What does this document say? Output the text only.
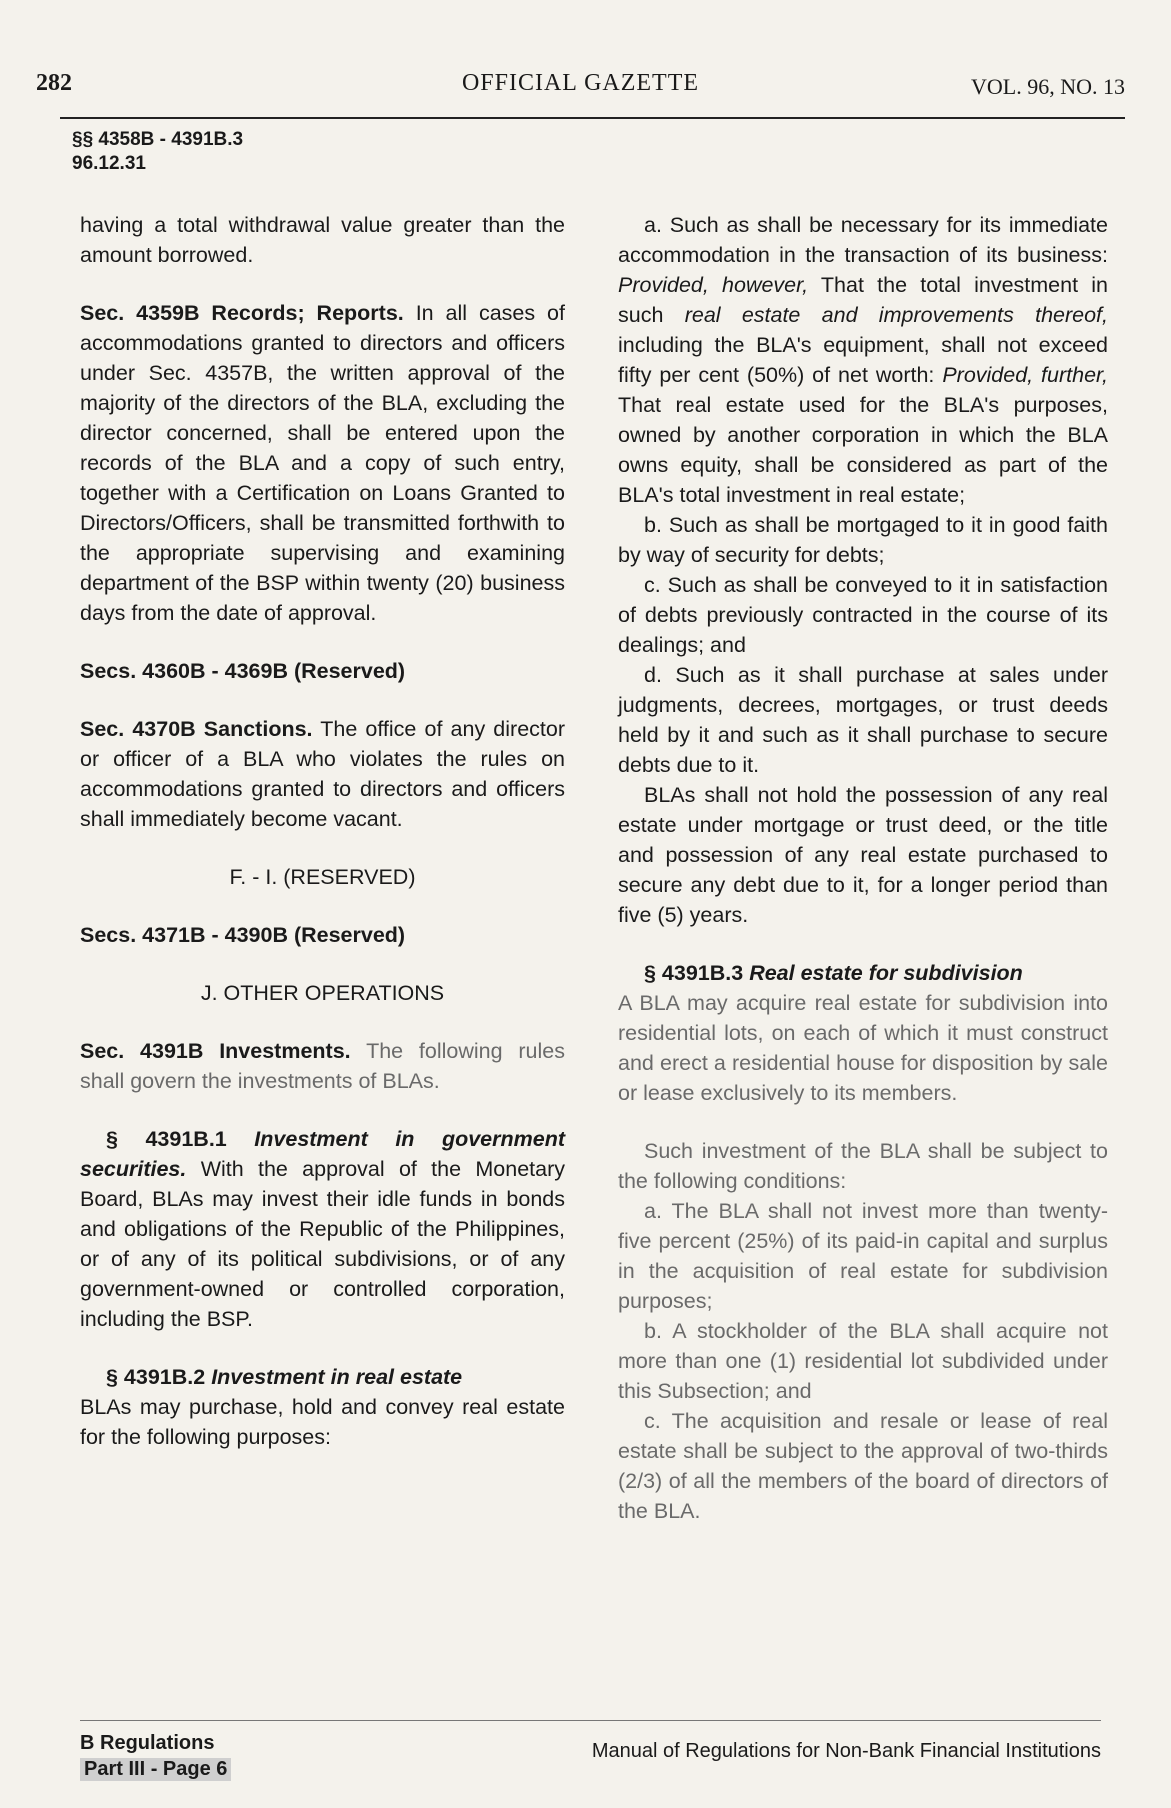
282	OFFICIAL GAZETTE	VOL. 96, NO. 13
§§ 4358B - 4391B.3
96.12.31

having a total withdrawal value greater than the amount borrowed.

Sec. 4359B Records; Reports. In all cases of accommodations granted to directors and officers under Sec. 4357B, the written approval of the majority of the directors of the BLA, excluding the director concerned, shall be entered upon the records of the BLA and a copy of such entry, together with a Certification on Loans Granted to Directors/Officers, shall be transmitted forthwith to the appropriate supervising and examining department of the BSP within twenty (20) business days from the date of approval.

Secs. 4360B - 4369B (Reserved)

Sec. 4370B Sanctions. The office of any director or officer of a BLA who violates the rules on accommodations granted to directors and officers shall immediately become vacant.

F. - I. (RESERVED)

Secs. 4371B - 4390B (Reserved)

J. OTHER OPERATIONS

Sec. 4391B Investments. The following rules shall govern the investments of BLAs.

§ 4391B.1 Investment in government securities. With the approval of the Monetary Board, BLAs may invest their idle funds in bonds and obligations of the Republic of the Philippines, or of any of its political subdivisions, or of any government-owned or controlled corporation, including the BSP.

§ 4391B.2 Investment in real estate
BLAs may purchase, hold and convey real estate for the following purposes:

a. Such as shall be necessary for its immediate accommodation in the transaction of its business: Provided, however, That the total investment in such real estate and improvements thereof, including the BLA's equipment, shall not exceed fifty per cent (50%) of net worth: Provided, further, That real estate used for the BLA's purposes, owned by another corporation in which the BLA owns equity, shall be considered as part of the BLA's total investment in real estate;

b. Such as shall be mortgaged to it in good faith by way of security for debts;

c. Such as shall be conveyed to it in satisfaction of debts previously contracted in the course of its dealings; and

d. Such as it shall purchase at sales under judgments, decrees, mortgages, or trust deeds held by it and such as it shall purchase to secure debts due to it.

BLAs shall not hold the possession of any real estate under mortgage or trust deed, or the title and possession of any real estate purchased to secure any debt due to it, for a longer period than five (5) years.

§ 4391B.3 Real estate for subdivision
A BLA may acquire real estate for subdivision into residential lots, on each of which it must construct and erect a residential house for disposition by sale or lease exclusively to its members.

Such investment of the BLA shall be subject to the following conditions:

a. The BLA shall not invest more than twenty-five percent (25%) of its paid-in capital and surplus in the acquisition of real estate for subdivision purposes;

b. A stockholder of the BLA shall acquire not more than one (1) residential lot subdivided under this Subsection; and

c. The acquisition and resale or lease of real estate shall be subject to the approval of two-thirds (2/3) of all the members of the board of directors of the BLA.

B Regulations
Part III - Page 6
Manual of Regulations for Non-Bank Financial Institutions
